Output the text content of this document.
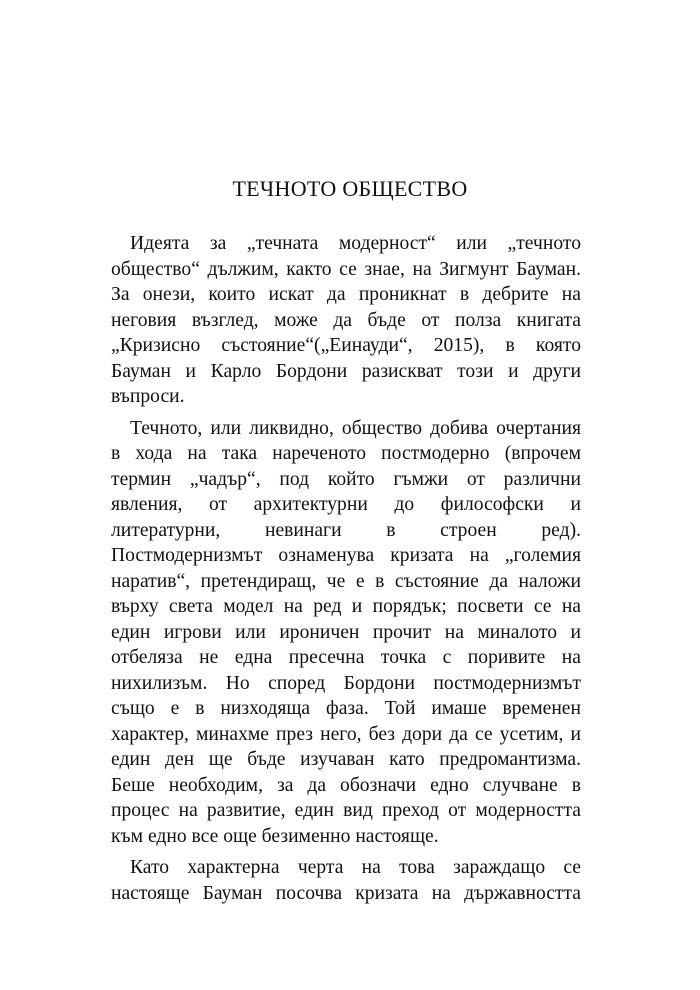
ТЕЧНОТО ОБЩЕСТВО
Идеята за „течната модерност“ или „течното
общество“ дължим, както се знае, на Зигмунт Бауман.
За онези, които искат да проникнат в дебрите на
неговия възглед, може да бъде от полза книгата
„Кризисно състояние“(„Еинауди“, 2015), в която
Бауман и Карло Бордони разискват този и други
въпроси.
Течното, или ликвидно, общество добива очертания
в хода на така нареченото постмодерно (впрочем
термин „чадър“, под който гъмжи от различни
явления, от архитектурни до философски и
литературни, невинаги в строен ред).
Постмодернизмът ознаменува кризата на „големия
наратив“, претендиращ, че е в състояние да наложи
върху света модел на ред и порядък; посвети се на
един игрови или ироничен прочит на миналото и
отбеляза не една пресечна точка с поривите на
нихилизъм. Но според Бордони постмодернизмът
също е в низходяща фаза. Той имаше временен
характер, минахме през него, без дори да се усетим, и
един ден ще бъде изучаван като предромантизма.
Беше необходим, за да обозначи едно случване в
процес на развитие, един вид преход от модерността
към едно все още безименно настояще.
Като характерна черта на това зараждащо се
настояще Бауман посочва кризата на държавността
